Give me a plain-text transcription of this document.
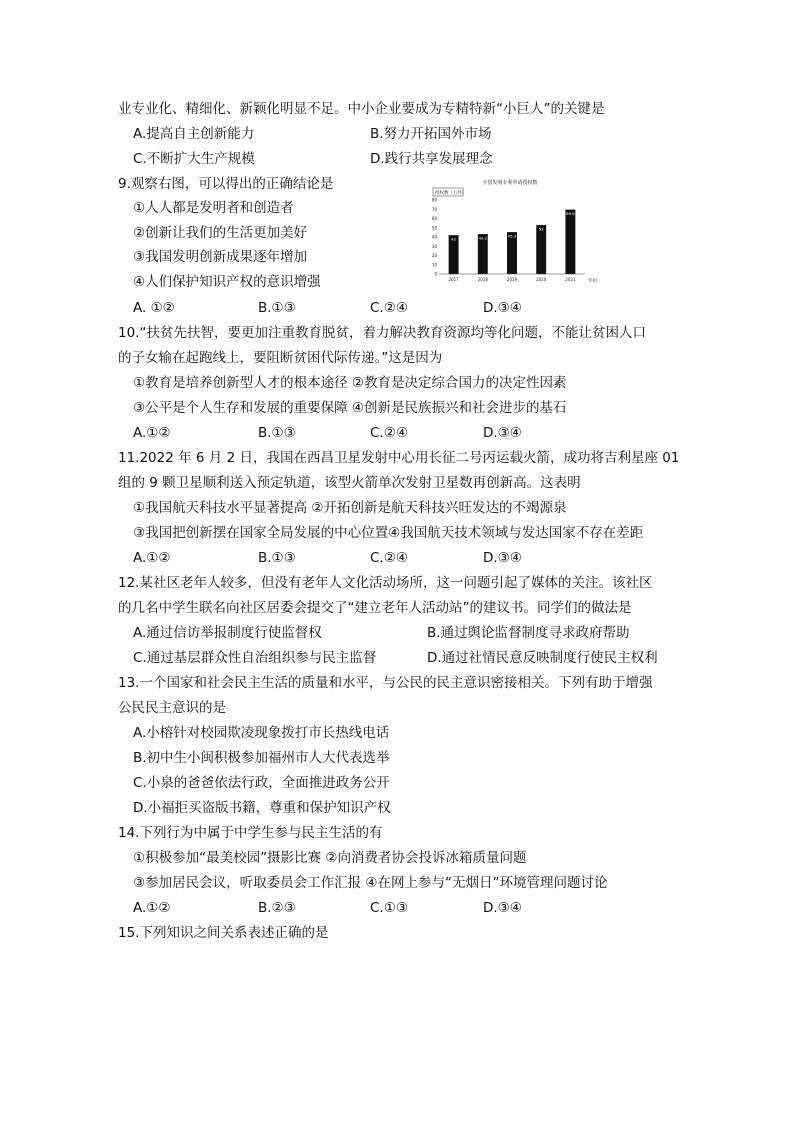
业专业化、精细化、新颖化明显不足。中小企业要成为专精特新“小巨人”的关键是
A.提高自主创新能力	B.努力开拓国外市场
C.不断扩大生产规模	D.践行共享发展理念
9.观察右图，可以得出的正确结论是
①人人都是发明者和创造者
②创新让我们的生活更加美好
③我国发明创新成果逐年增加
④人们保护知识产权的意识增强
A. ①②	B.①③	C.②④	D.③④
全国发明专利申请授权数
授权数（万件）
0
10
20
30
40
50
60
70
80
42	43.2	45.3
53
69.6
2017	2018	2019	2020	2021	年份
10.“扶贫先扶智，要更加注重教育脱贫，着力解决教育资源均等化问题，不能让贫困人口
的子女输在起跑线上，要阻断贫困代际传递。”这是因为
①教育是培养创新型人才的根本途径 ②教育是决定综合国力的决定性因素
③公平是个人生存和发展的重要保障 ④创新是民族振兴和社会进步的基石
A.①②	B.①③	C.②④	D.③④
11.2022 年 6 月 2 日，我国在西昌卫星发射中心用长征二号丙运载火箭，成功将吉利星座 01
组的 9 颗卫星顺利送入预定轨道，该型火箭单次发射卫星数再创新高。这表明
①我国航天科技水平显著提高 ②开拓创新是航天科技兴旺发达的不竭源泉
③我国把创新摆在国家全局发展的中心位置④我国航天技术领域与发达国家不存在差距
A.①②	B.①③	C.②④	D.③④
12.某社区老年人较多，但没有老年人文化活动场所，这一问题引起了媒体的关注。该社区
的几名中学生联名向社区居委会提交了“建立老年人活动站”的建议书。同学们的做法是
A.通过信访举报制度行使监督权	B.通过舆论监督制度寻求政府帮助
C.通过基层群众性自治组织参与民主监督	D.通过社情民意反映制度行使民主权利
13.一个国家和社会民主生活的质量和水平，与公民的民主意识密接相关。下列有助于增强
公民民主意识的是
A.小榕针对校园欺凌现象拨打市长热线电话
B.初中生小闽积极参加福州市人大代表选举
C.小泉的爸爸依法行政，全面推进政务公开
D.小福拒买盗版书籍，尊重和保护知识产权
14.下列行为中属于中学生参与民主生活的有
①积极参加“最美校园”摄影比赛 ②向消费者协会投诉冰箱质量问题
③参加居民会议，听取委员会工作汇报 ④在网上参与“无烟日”环境管理问题讨论
A.①②	B.②③	C.①③	D.③④
15.下列知识之间关系表述正确的是
